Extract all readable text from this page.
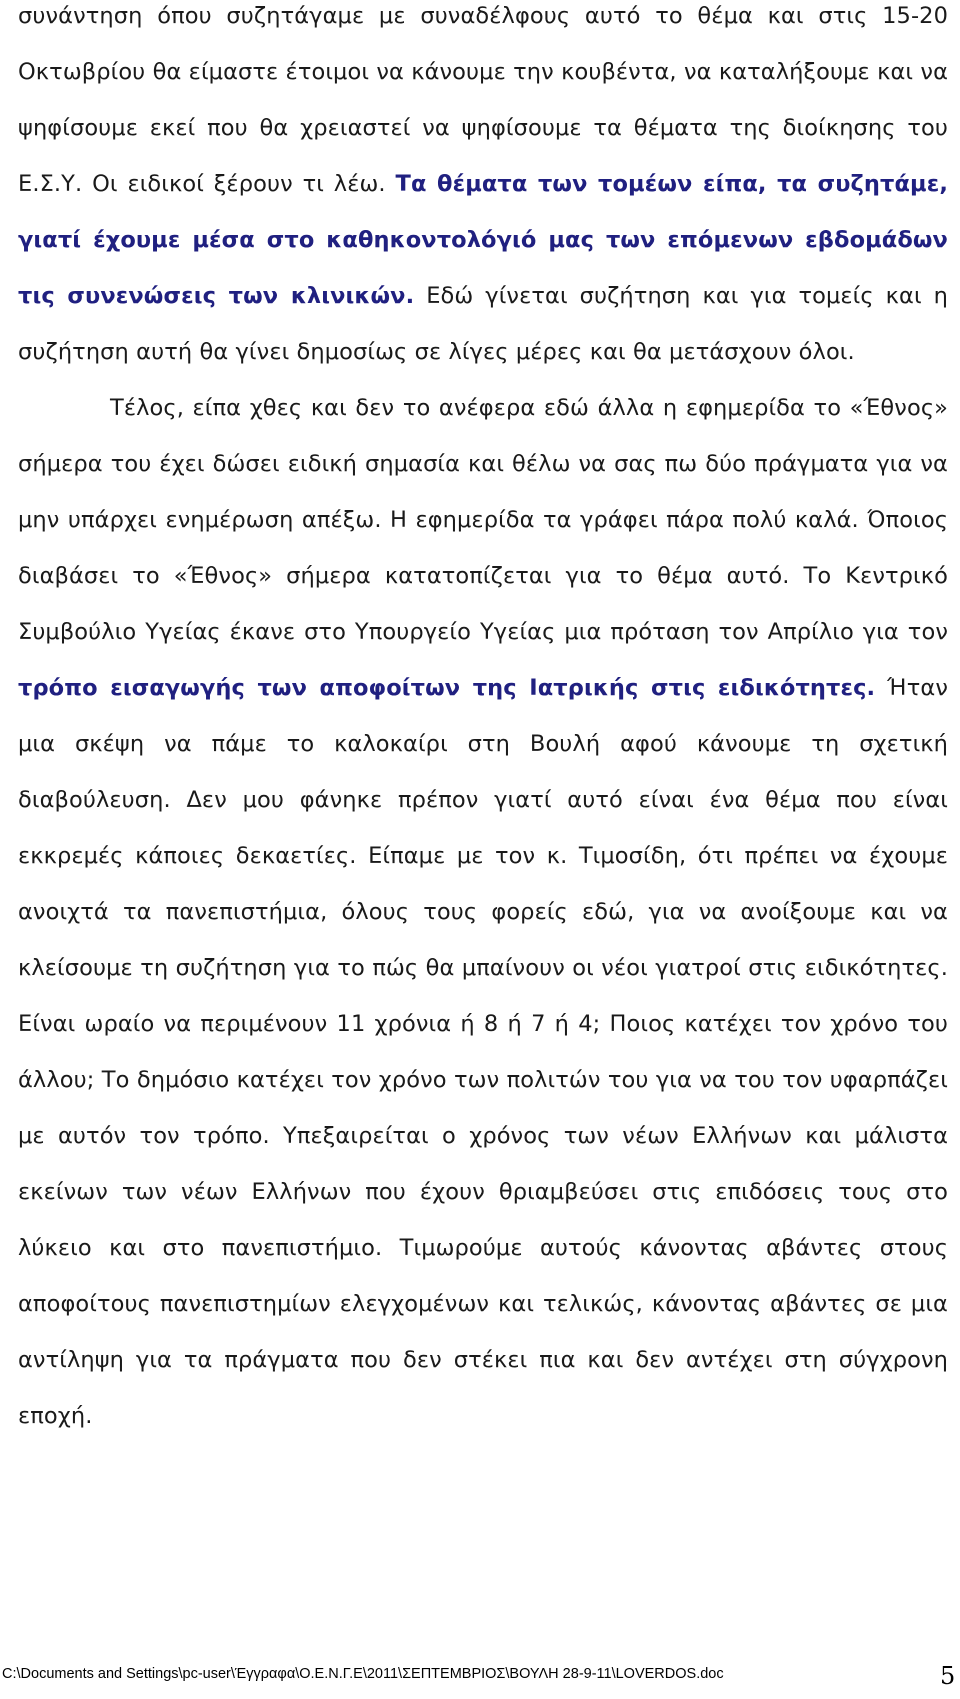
συνάντηση όπου συζητάγαμε με συναδέλφους αυτό το θέμα και στις 15-20 Οκτωβρίου θα είμαστε έτοιμοι να κάνουμε την κουβέντα, να καταλήξουμε και να ψηφίσουμε εκεί που θα χρειαστεί να ψηφίσουμε τα θέματα της διοίκησης του Ε.Σ.Υ. Οι ειδικοί ξέρουν τι λέω. Τα θέματα των τομέων είπα, τα συζητάμε, γιατί έχουμε μέσα στο καθηκοντολόγιό μας των επόμενων εβδομάδων τις συνενώσεις των κλινικών. Εδώ γίνεται συζήτηση και για τομείς και η συζήτηση αυτή θα γίνει δημοσίως σε λίγες μέρες και θα μετάσχουν όλοι.

Τέλος, είπα χθες και δεν το ανέφερα εδώ άλλα η εφημερίδα το «Έθνος» σήμερα του έχει δώσει ειδική σημασία και θέλω να σας πω δύο πράγματα για να μην υπάρχει ενημέρωση απέξω. Η εφημερίδα τα γράφει πάρα πολύ καλά. Όποιος διαβάσει το «Έθνος» σήμερα κατατοπίζεται για το θέμα αυτό. Το Κεντρικό Συμβούλιο Υγείας έκανε στο Υπουργείο Υγείας μια πρόταση τον Απρίλιο για τον τρόπο εισαγωγής των αποφοίτων της Ιατρικής στις ειδικότητες. Ήταν μια σκέψη να πάμε το καλοκαίρι στη Βουλή αφού κάνουμε τη σχετική διαβούλευση. Δεν μου φάνηκε πρέπον γιατί αυτό είναι ένα θέμα που είναι εκκρεμές κάποιες δεκαετίες. Είπαμε με τον κ. Τιμοσίδη, ότι πρέπει να έχουμε ανοιχτά τα πανεπιστήμια, όλους τους φορείς εδώ, για να ανοίξουμε και να κλείσουμε τη συζήτηση για το πώς θα μπαίνουν οι νέοι γιατροί στις ειδικότητες. Είναι ωραίο να περιμένουν 11 χρόνια ή 8 ή 7 ή 4; Ποιος κατέχει τον χρόνο του άλλου; Το δημόσιο κατέχει τον χρόνο των πολιτών του για να του τον υφαρπάζει με αυτόν τον τρόπο. Υπεξαιρείται ο χρόνος των νέων Ελλήνων και μάλιστα εκείνων των νέων Ελλήνων που έχουν θριαμβεύσει στις επιδόσεις τους στο λύκειο και στο πανεπιστήμιο. Τιμωρούμε αυτούς κάνοντας αβάντες στους αποφοίτους πανεπιστημίων ελεγχομένων και τελικώς, κάνοντας αβάντες σε μια αντίληψη για τα πράγματα που δεν στέκει πια και δεν αντέχει στη σύγχρονη εποχή.

C:\Documents and Settings\pc-user\Έγγραφα\Ο.Ε.Ν.Γ.Ε\2011\ΣΕΠΤΕΜΒΡΙΟΣ\ΒΟΥΛΗ 28-9-11\LOVERDOS.doc	5
